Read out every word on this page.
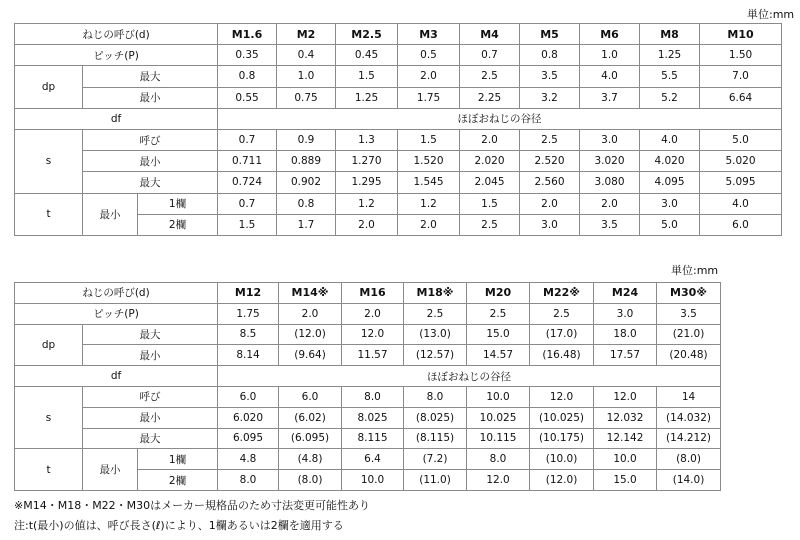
単位:mm
ねじの呼び(d)			M1.6	M2	M2.5	M3	M4	M5	M6	M8	M10
ピッチ(P)			0.35	0.4	0.45	0.5	0.7	0.8	1.0	1.25	1.50
dp	最大		0.8	1.0	1.5	2.0	2.5	3.5	4.0	5.5	7.0
	最小		0.55	0.75	1.25	1.75	2.25	3.2	3.7	5.2	6.64
df			ほぼおねじの谷径								
s	呼び		0.7	0.9	1.3	1.5	2.0	2.5	3.0	4.0	5.0
	最小		0.711	0.889	1.270	1.520	2.020	2.520	3.020	4.020	5.020
	最大		0.724	0.902	1.295	1.545	2.045	2.560	3.080	4.095	5.095
t	最小	1欄	0.7	0.8	1.2	1.2	1.5	2.0	2.0	3.0	4.0
		2欄	1.5	1.7	2.0	2.0	2.5	3.0	3.5	5.0	6.0
単位:mm
ねじの呼び(d)			M12	M14※	M16	M18※	M20	M22※	M24	M30※
ピッチ(P)			1.75	2.0	2.0	2.5	2.5	2.5	3.0	3.5
dp	最大		8.5	(12.0)	12.0	(13.0)	15.0	(17.0)	18.0	(21.0)
	最小		8.14	(9.64)	11.57	(12.57)	14.57	(16.48)	17.57	(20.48)
df			ほぼおねじの谷径							
s	呼び		6.0	6.0	8.0	8.0	10.0	12.0	12.0	14
	最小		6.020	(6.02)	8.025	(8.025)	10.025	(10.025)	12.032	(14.032)
	最大		6.095	(6.095)	8.115	(8.115)	10.115	(10.175)	12.142	(14.212)
t	最小	1欄	4.8	(4.8)	6.4	(7.2)	8.0	(10.0)	10.0	(8.0)
		2欄	8.0	(8.0)	10.0	(11.0)	12.0	(12.0)	15.0	(14.0)
※M14・M18・M22・M30はメーカー規格品のため寸法変更可能性あり
注:t(最小)の値は、呼び長さ(ℓ)により、1欄あるいは2欄を適用する
